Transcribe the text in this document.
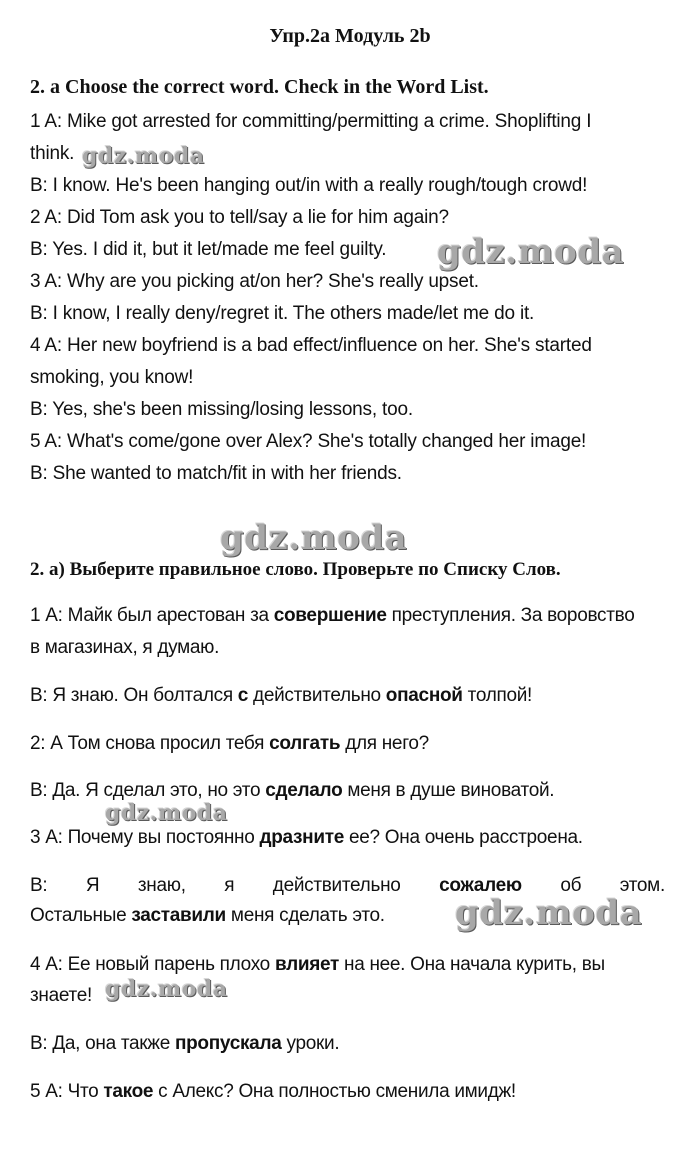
Упр.2а Модуль 2b
2. a Choose the correct word. Check in the Word List.
1 A: Mike got arrested for committing/permitting a crime. Shoplifting I
think.
B: I know. He's been hanging out/in with a really rough/tough crowd!
2 A: Did Tom ask you to tell/say a lie for him again?
B: Yes. I did it, but it let/made me feel guilty.
3 A: Why are you picking at/on her? She's really upset.
B: I know, I really deny/regret it. The others made/let me do it.
4 A: Her new boyfriend is a bad effect/influence on her. She's started
smoking, you know!
B: Yes, she's been missing/losing lessons, too.
5 A: What's come/gone over Alex? She's totally changed her image!
B: She wanted to match/fit in with her friends.
2. а) Выберите правильное слово. Проверьте по Списку Слов.
1 А: Майк был арестован за совершение преступления. За воровство
в магазинах, я думаю.
В: Я знаю. Он болтался с действительно опасной толпой!
2: А Том снова просил тебя солгать для него?
В: Да. Я сделал это, но это сделало меня в душе виноватой.
3 А: Почему вы постоянно дразните ее? Она очень расстроена.
В: Я знаю, я действительно сожалею об этом.
Остальные заставили меня сделать это.
4 А: Ее новый парень плохо влияет на нее. Она начала курить, вы
знаете!
В: Да, она также пропускала уроки.
5 А: Что такое с Алекс? Она полностью сменила имидж!
gdz.moda
gdz.moda
gdz.moda
gdz.moda
gdz.moda
gdz.moda
